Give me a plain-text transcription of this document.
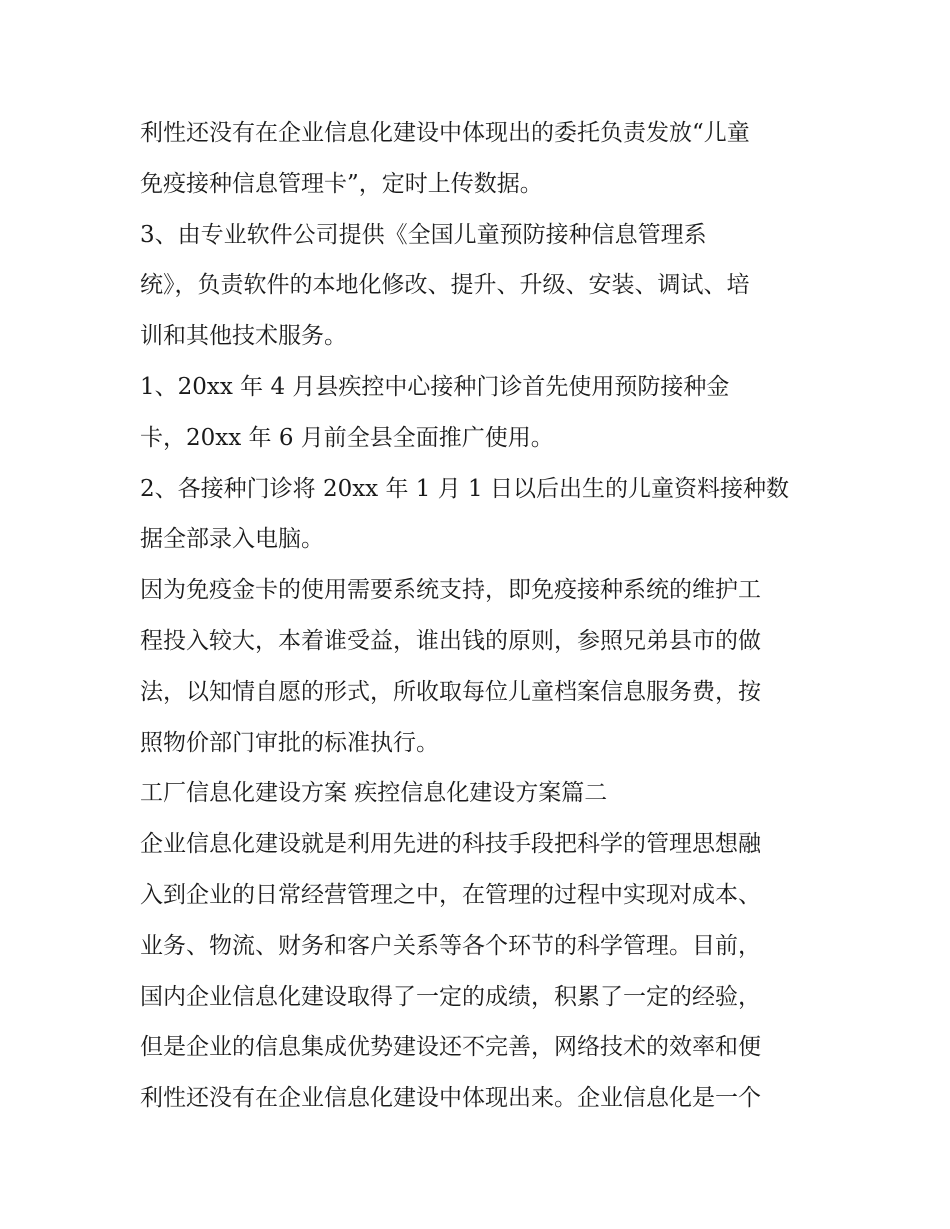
利性还没有在企业信息化建设中体现出的委托负责发放“儿童
免疫接种信息管理卡”，定时上传数据。
3、由专业软件公司提供《全国儿童预防接种信息管理系
统》，负责软件的本地化修改、提升、升级、安装、调试、培
训和其他技术服务。
1、20xx 年 4 月县疾控中心接种门诊首先使用预防接种金
卡，20xx 年 6 月前全县全面推广使用。
2、各接种门诊将 20xx 年 1 月 1 日以后出生的儿童资料接种数
据全部录入电脑。
因为免疫金卡的使用需要系统支持，即免疫接种系统的维护工
程投入较大，本着谁受益，谁出钱的原则，参照兄弟县市的做
法，以知情自愿的形式，所收取每位儿童档案信息服务费，按
照物价部门审批的标准执行。
工厂信息化建设方案 疾控信息化建设方案篇二
企业信息化建设就是利用先进的科技手段把科学的管理思想融
入到企业的日常经营管理之中，在管理的过程中实现对成本、
业务、物流、财务和客户关系等各个环节的科学管理。目前，
国内企业信息化建设取得了一定的成绩，积累了一定的经验，
但是企业的信息集成优势建设还不完善，网络技术的效率和便
利性还没有在企业信息化建设中体现出来。企业信息化是一个
